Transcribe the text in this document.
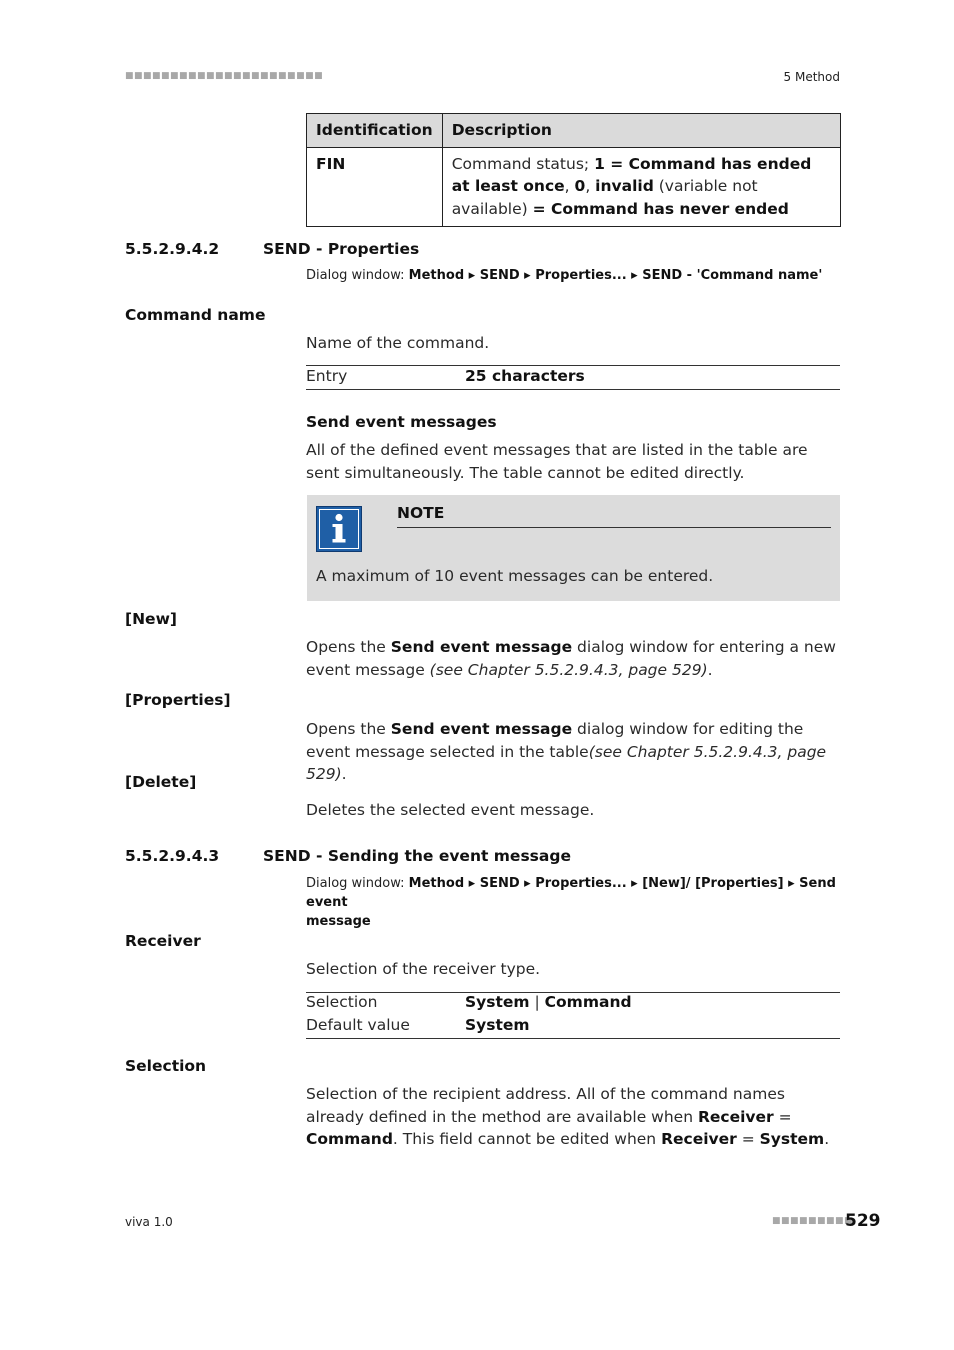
■■■■■■■■■■■■■■■■■■■■■■	5 Method
Identification	Description
FIN	Command status; 1 = Command has ended at least once, 0, invalid (variable not available) = Command has never ended
5.5.2.9.4.2	SEND - Properties
Dialog window: Method ▸ SEND ▸ Properties... ▸ SEND - 'Command name'
Command name
Name of the command.
Entry	25 characters
Send event messages
All of the defined event messages that are listed in the table are sent simultaneously. The table cannot be edited directly.
NOTE
A maximum of 10 event messages can be entered.
[New]
Opens the Send event message dialog window for entering a new event message (see Chapter 5.5.2.9.4.3, page 529).
[Properties]
Opens the Send event message dialog window for editing the event message selected in the table(see Chapter 5.5.2.9.4.3, page 529).
[Delete]
Deletes the selected event message.
5.5.2.9.4.3	SEND - Sending the event message
Dialog window: Method ▸ SEND ▸ Properties... ▸ [New]/ [Properties] ▸ Send event
message
Receiver
Selection of the receiver type.
Selection	System | Command
Default value	System
Selection
Selection of the recipient address. All of the command names already defined in the method are available when Receiver = Command. This field cannot be edited when Receiver = System.
viva 1.0	■■■■■■■■■
529
